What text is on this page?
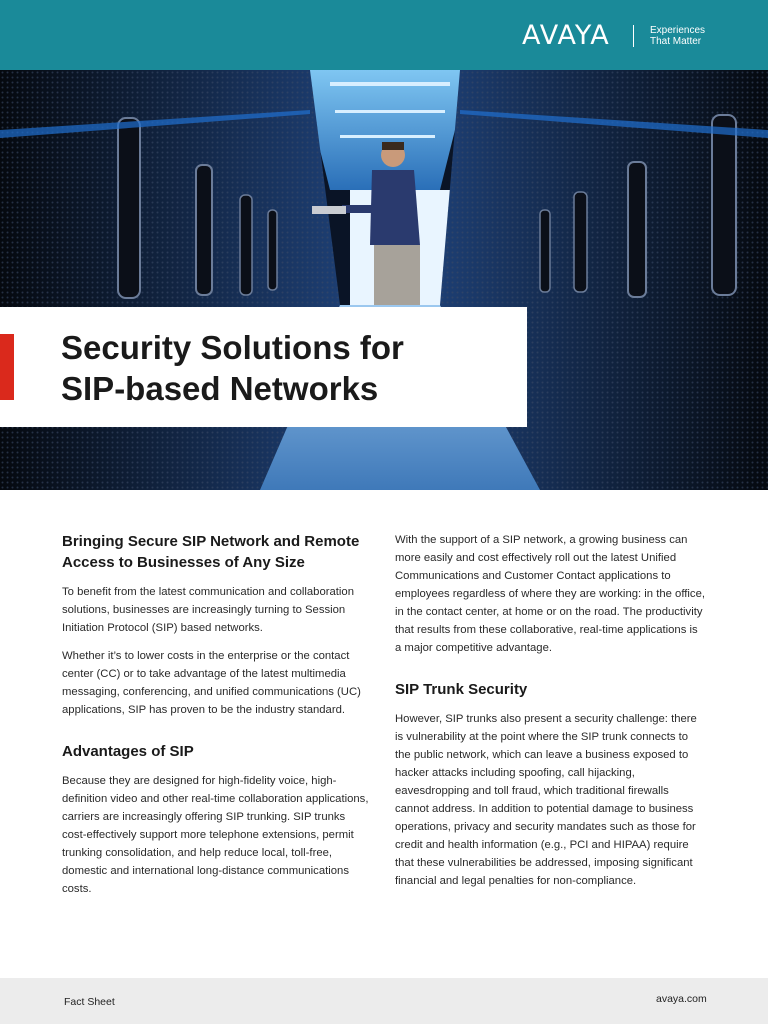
AVAYA	Experiences
That Matter
Security Solutions for
SIP-based Networks
Bringing Secure SIP Network and Remote Access to Businesses of Any Size

To benefit from the latest communication and collaboration solutions, businesses are increasingly turning to Session Initiation Protocol (SIP) based networks.

Whether it’s to lower costs in the enterprise or the contact center (CC) or to take advantage of the latest multimedia messaging, conferencing, and unified communications (UC) applications, SIP has proven to be the industry standard.

Advantages of SIP

Because they are designed for high-fidelity voice, high-definition video and other real-time collaboration applications, carriers are increasingly offering SIP trunking. SIP trunks cost-effectively support more telephone extensions, permit trunking consolidation, and help reduce local, toll-free, domestic and international long-distance communications costs.

With the support of a SIP network, a growing business can more easily and cost effectively roll out the latest Unified Communications and Customer Contact applications to employees regardless of where they are working: in the office, in the contact center, at home or on the road. The productivity that results from these collaborative, real-time applications is a major competitive advantage.

SIP Trunk Security

However, SIP trunks also present a security challenge: there is vulnerability at the point where the SIP trunk connects to the public network, which can leave a business exposed to hacker attacks including spoofing, call hijacking, eavesdropping and toll fraud, which traditional firewalls cannot address. In addition to potential damage to business operations, privacy and security mandates such as those for credit and health information (e.g., PCI and HIPAA) require that these vulnerabilities be addressed, imposing significant financial and legal penalties for non-compliance.

Fact Sheet	avaya.com
